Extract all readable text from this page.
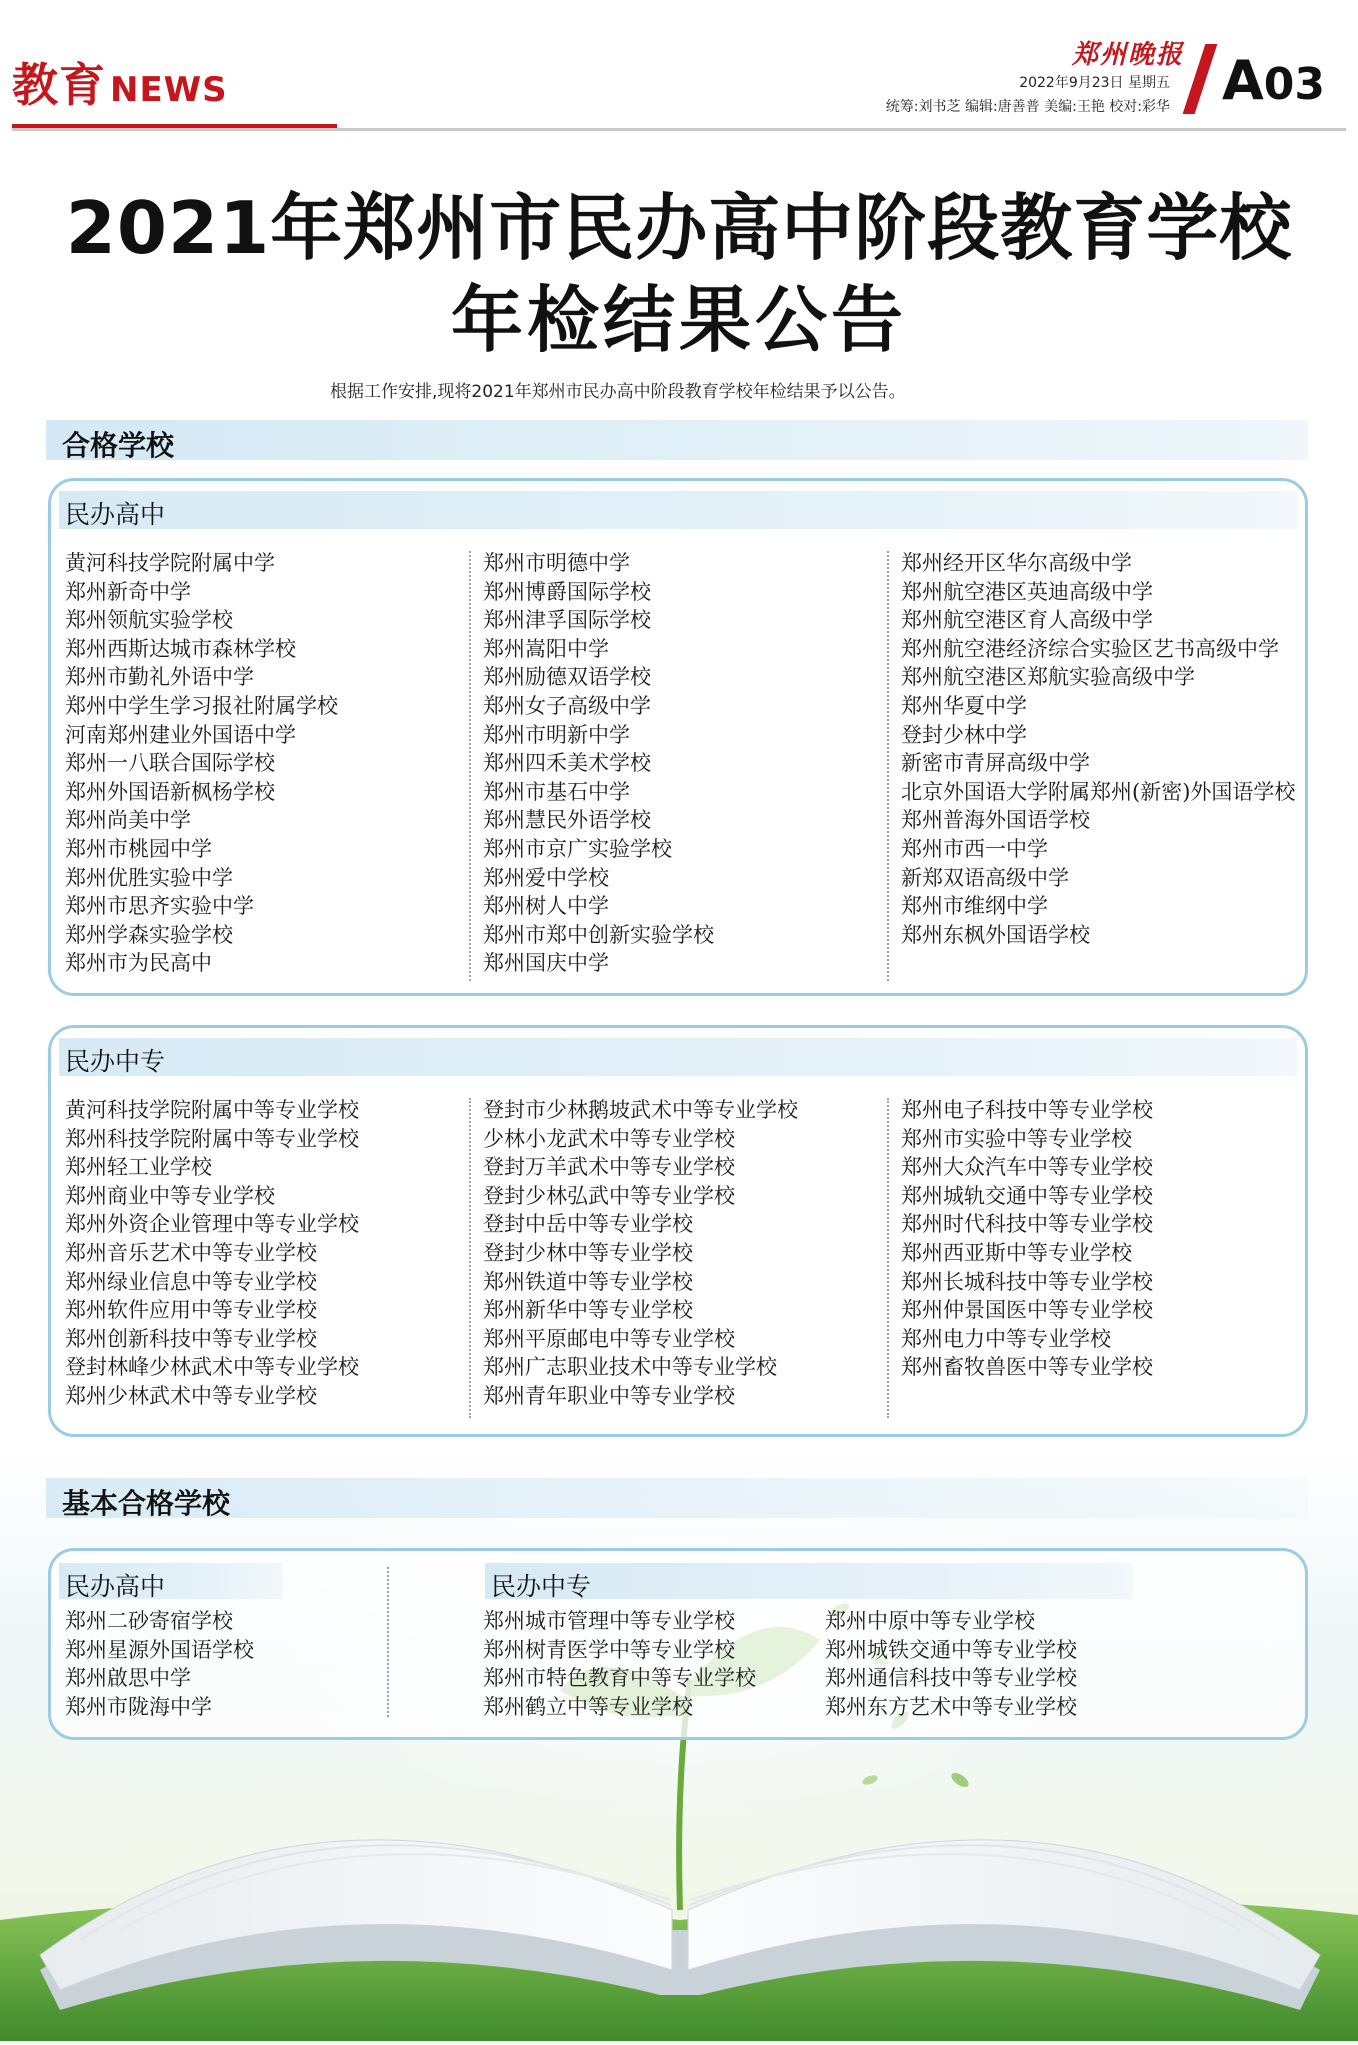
教育 NEWS
郑州晚报
2022年9月23日 星期五
统筹:刘书芝 编辑:唐善普 美编:王艳 校对:彩华 A03
2021年郑州市民办高中阶段教育学校
年检结果公告
根据工作安排,现将2021年郑州市民办高中阶段教育学校年检结果予以公告。
合格学校
民办高中
黄河科技学院附属中学
郑州新奇中学
郑州领航实验学校
郑州西斯达城市森林学校
郑州市勤礼外语中学
郑州中学生学习报社附属学校
河南郑州建业外国语中学
郑州一八联合国际学校
郑州外国语新枫杨学校
郑州尚美中学
郑州市桃园中学
郑州优胜实验中学
郑州市思齐实验中学
郑州学森实验学校
郑州市为民高中
郑州市明德中学
郑州博爵国际学校
郑州津孚国际学校
郑州嵩阳中学
郑州励德双语学校
郑州女子高级中学
郑州市明新中学
郑州四禾美术学校
郑州市基石中学
郑州慧民外语学校
郑州市京广实验学校
郑州爱中学校
郑州树人中学
郑州市郑中创新实验学校
郑州国庆中学
郑州经开区华尔高级中学
郑州航空港区英迪高级中学
郑州航空港区育人高级中学
郑州航空港经济综合实验区艺书高级中学
郑州航空港区郑航实验高级中学
郑州华夏中学
登封少林中学
新密市青屏高级中学
北京外国语大学附属郑州(新密)外国语学校
郑州普海外国语学校
郑州市西一中学
新郑双语高级中学
郑州市维纲中学
郑州东枫外国语学校
民办中专
黄河科技学院附属中等专业学校
郑州科技学院附属中等专业学校
郑州轻工业学校
郑州商业中等专业学校
郑州外资企业管理中等专业学校
郑州音乐艺术中等专业学校
郑州绿业信息中等专业学校
郑州软件应用中等专业学校
郑州创新科技中等专业学校
登封林峰少林武术中等专业学校
郑州少林武术中等专业学校
登封市少林鹅坡武术中等专业学校
少林小龙武术中等专业学校
登封万羊武术中等专业学校
登封少林弘武中等专业学校
登封中岳中等专业学校
登封少林中等专业学校
郑州铁道中等专业学校
郑州新华中等专业学校
郑州平原邮电中等专业学校
郑州广志职业技术中等专业学校
郑州青年职业中等专业学校
郑州电子科技中等专业学校
郑州市实验中等专业学校
郑州大众汽车中等专业学校
郑州城轨交通中等专业学校
郑州时代科技中等专业学校
郑州西亚斯中等专业学校
郑州长城科技中等专业学校
郑州仲景国医中等专业学校
郑州电力中等专业学校
郑州畜牧兽医中等专业学校
基本合格学校
民办高中
郑州二砂寄宿学校
郑州星源外国语学校
郑州啟思中学
郑州市陇海中学
民办中专
郑州城市管理中等专业学校
郑州树青医学中等专业学校
郑州市特色教育中等专业学校
郑州鹤立中等专业学校
郑州中原中等专业学校
郑州城铁交通中等专业学校
郑州通信科技中等专业学校
郑州东方艺术中等专业学校
